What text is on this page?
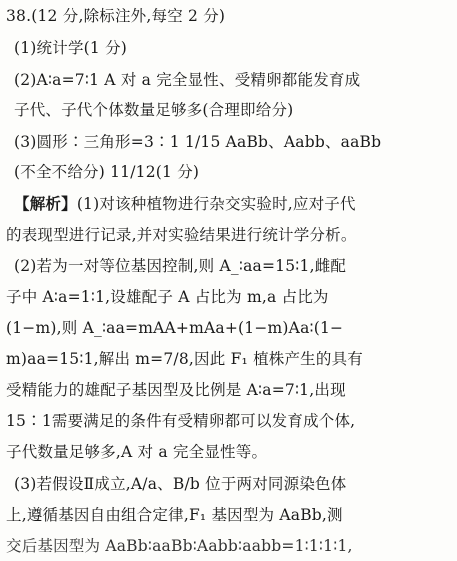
38.(12 分,除标注外,每空 2 分)
(1)统计学(1 分)
(2)A∶a=7∶1 A 对 a 完全显性、受精卵都能发育成
子代、子代个体数量足够多(合理即给分)
(3)圆形∶三角形=3∶1 1/15 AaBb、Aabb、aaBb
(不全不给分) 11/12(1 分)
【解析】(1)对该种植物进行杂交实验时,应对子代
的表现型进行记录,并对实验结果进行统计学分析。
(2)若为一对等位基因控制,则 A_∶aa=15∶1,雌配
子中 A∶a=1∶1,设雄配子 A 占比为 m,a 占比为
(1−m),则 A_∶aa=mAA+mAa+(1−m)Aa∶(1−
m)aa=15∶1,解出 m=7/8,因此 F₁ 植株产生的具有
受精能力的雄配子基因型及比例是 A∶a=7∶1,出现
15∶1需要满足的条件有受精卵都可以发育成个体,
子代数量足够多,A 对 a 完全显性等。
(3)若假设Ⅱ成立,A/a、B/b 位于两对同源染色体
上,遵循基因自由组合定律,F₁ 基因型为 AaBb,测
交后基因型为 AaBb∶aaBb∶Aabb∶aabb=1∶1∶1∶1,
